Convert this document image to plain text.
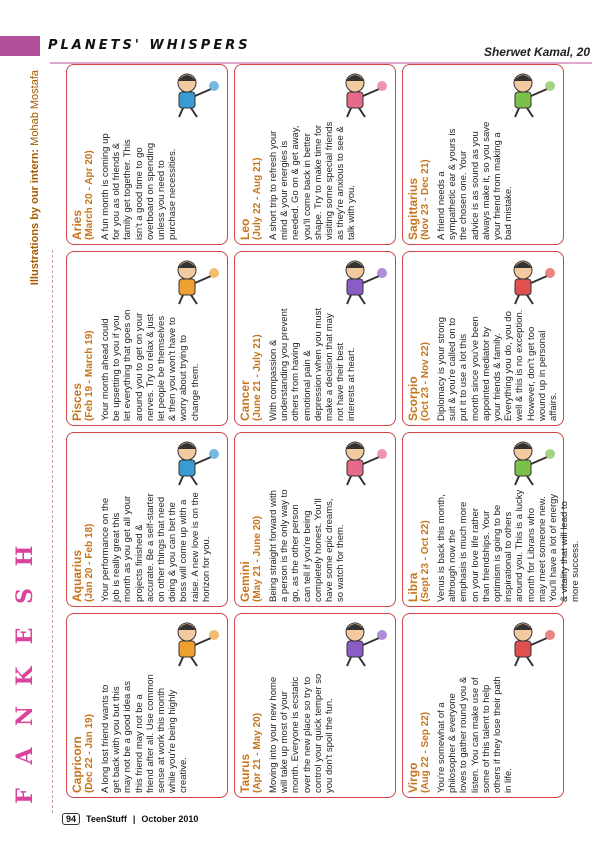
PLANETS' WHISPERS	Sherwet Kamal, 20
Illustrations by our intern: Mohab Mostafa
H
S
E
K
N
A
F
Aries (March 20 - Apr 20) A fun month is coming up for you as old friends & family get together. This isn't a good time to go overboard on spending unless you need to purchase necessities.	Leo (July 22 - Aug 21) A short trip to refresh your mind & your energies is needed. Go on & get away, you'll come back in better shape. Try to make time for visiting some special friends as they're anxious to see & talk with you.	Sagittarius (Nov 23 - Dec 21) A friend needs a sympathetic ear & yours is the chosen one. Your advice is as sound as you always make it, so you save your friend from making a bad mistake.
Pisces (Feb 19 - March 19) Your month ahead could be upsetting to you if you let everything that goes on around you to get on your nerves. Try to relax & just let people be themselves & then you won't have to worry about trying to change them.	Cancer (June 21 - July 21) With compassion & understanding you prevent others from having emotional pain & depression when you must make a decision that may not have their best interests at heart.	Scorpio (Oct 23 - Nov 22) Diplomacy is your strong suit & you're called on to put it to use a lot this month since you've been appointed mediator by your friends & family. Everything you do, you do well & this is no exception. However, don't get too wound up in personal affairs.
Aquarius (Jan 20 - Feb 18) Your performance on the job is really great this month as you get all your projects finished & accurate. Be a self-starter on other things that need doing & you can bet the boss will come up with a raise. A new love is on the horizon for you. Gemini (May 21 - June 20) Being straight forward with a person is the only way to go, as the other person can tell if you're being completely honest. You'll have some epic dreams, so watch for them.	Libra (Sept 23 - Oct 22) Venus is back this month, although now the emphasis is much more on your love life rather than friendships. Your optimism is going to be inspirational to others around you. This is a lucky month for Librans who may meet someone new. You'll have a lot of energy & vitality that will lead to more success.
Capricorn (Dec 22 - Jan 19) A long lost friend wants to get back with you but this may not be a good idea as this friend may not be a friend after all. Use common sense at work this month while you're being highly creative.	Taurus (Apr 21 - May 20) Moving into your new home will take up most of your month. Everyone is ecstatic over the new place so try to control your quick temper so you don't spoil the fun.	Virgo (Aug 22 - Sep 22) You're somewhat of a philosopher & everyone loves to gather round you & listen. You can make use of some of this talent to help others if they lose their path in life.
94	TeenStuff | October 2010
